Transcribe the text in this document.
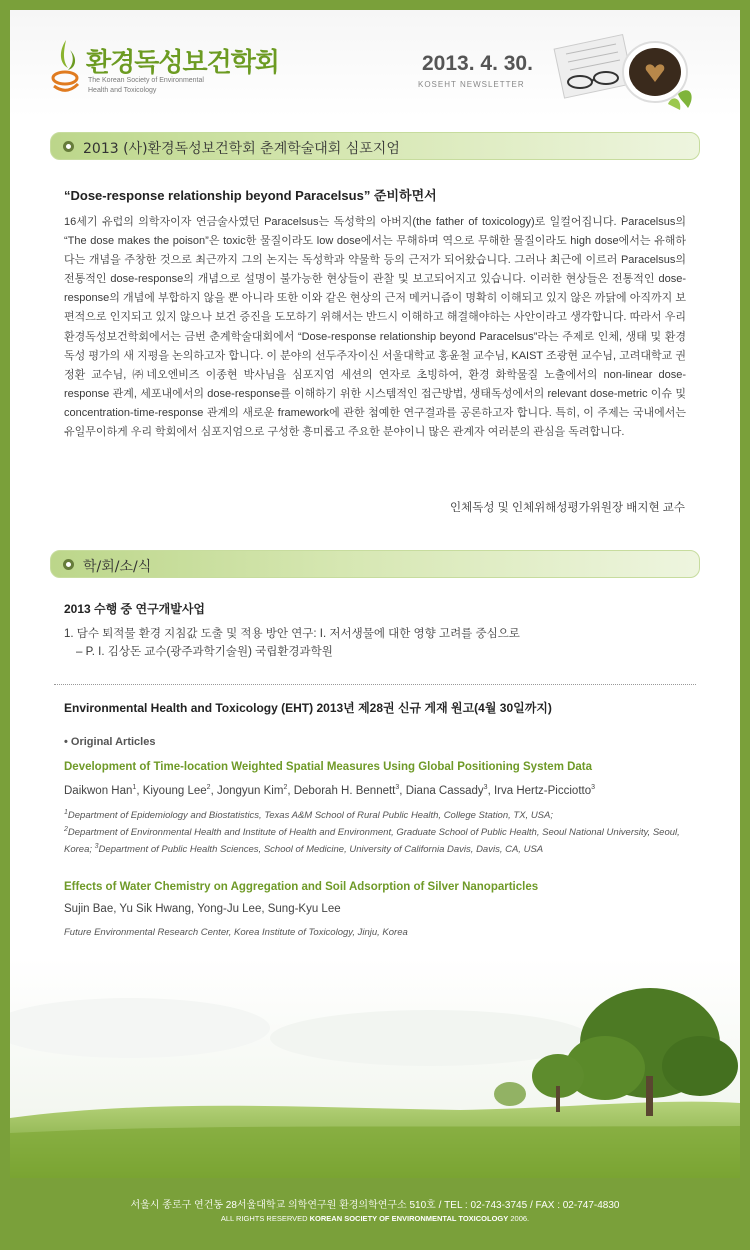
환경독성보건학회
The Korean Society of Environmental
Health and Toxicology
2013. 4. 30.
KOSEHT NEWSLETTER
2013 (사)환경독성보건학회 춘계학술대회 심포지엄
“Dose-response relationship beyond Paracelsus” 준비하면서
16세기 유럽의 의학자이자 연금술사였던 Paracelsus는 독성학의 아버지(the father of toxicology)로 일컬어집니다. Paracelsus의 “The dose makes the poison”은 toxic한 물질이라도 low dose에서는 무해하며 역으로 무해한 물질이라도 high dose에서는 유해하다는 개념을 주창한 것으로 최근까지 그의 논지는 독성학과 약물학 등의 근저가 되어왔습니다. 그러나 최근에 이르러 Paracelsus의 전통적인 dose-response의 개념으로 설명이 불가능한 현상들이 관찰 및 보고되어지고 있습니다. 이러한 현상들은 전통적인 dose-response의 개념에 부합하지 않을 뿐 아니라 또한 이와 같은 현상의 근저 메커니즘이 명확히 이해되고 있지 않은 까닭에 아직까지 보편적으로 인지되고 있지 않으나 보건 증진을 도모하기 위해서는 반드시 이해하고 해결해야하는 사안이라고 생각합니다. 따라서 우리 환경독성보건학회에서는 금번 춘계학술대회에서 “Dose-response relationship beyond Paracelsus”라는 주제로 인체, 생태 및 환경독성 평가의 새 지평을 논의하고자 합니다. 이 분야의 선두주자이신 서울대학교 홍윤철 교수님, KAIST 조광현 교수님, 고려대학교 권정환 교수님, ㈜네오엔비즈 이종현 박사님을 심포지엄 세션의 연자로 초빙하여, 환경 화학물질 노출에서의 non-linear dose-response 관계, 세포내에서의 dose-response를 이해하기 위한 시스템적인 접근방법, 생태독성에서의 relevant dose-metric 이슈 및 concentration-time-response 관계의 새로운 framework에 관한 첨예한 연구결과를 공론하고자 합니다. 특히, 이 주제는 국내에서는 유일무이하게 우리 학회에서 심포지엄으로 구성한 흥미롭고 주요한 분야이니 많은 관계자 여러분의 관심을 독려합니다.
인체독성 및 인체위해성평가위원장 배지현 교수
학/회/소/식
2013 수행 중 연구개발사업
1. 담수 퇴적물 환경 지침값 도출 및 적용 방안 연구: I. 저서생물에 대한 영향 고려를 중심으로
– P. I. 김상돈 교수(광주과학기술원) 국립환경과학원
Environmental Health and Toxicology (EHT) 2013년 제28권 신규 게재 원고(4월 30일까지)
• Original Articles
Development of Time-location Weighted Spatial Measures Using Global Positioning System Data
Daikwon Han$^1$, Kiyoung Lee$^2$, Jongyun Kim$^2$, Deborah H. Bennett$^3$, Diana Cassady$^3$, Irva Hertz-Picciotto$^3$
$^1$Department of Epidemiology and Biostatistics, Texas A&M School of Rural Public Health, College Station, TX, USA;
$^2$Department of Environmental Health and Institute of Health and Environment, Graduate School of Public Health, Seoul National University, Seoul, Korea; $^3$Department of Public Health Sciences, School of Medicine, University of California Davis, Davis, CA, USA
Effects of Water Chemistry on Aggregation and Soil Adsorption of Silver Nanoparticles
Sujin Bae, Yu Sik Hwang, Yong-Ju Lee, Sung-Kyu Lee
Future Environmental Research Center, Korea Institute of Toxicology, Jinju, Korea
서울시 종로구 연건동 28서울대학교 의학연구원 환경의학연구소 510호 / TEL : 02-743-3745 / FAX : 02-747-4830
ALL RIGHTS RESERVED KOREAN SOCIETY OF ENVIRONMENTAL TOXICOLOGY 2006.
